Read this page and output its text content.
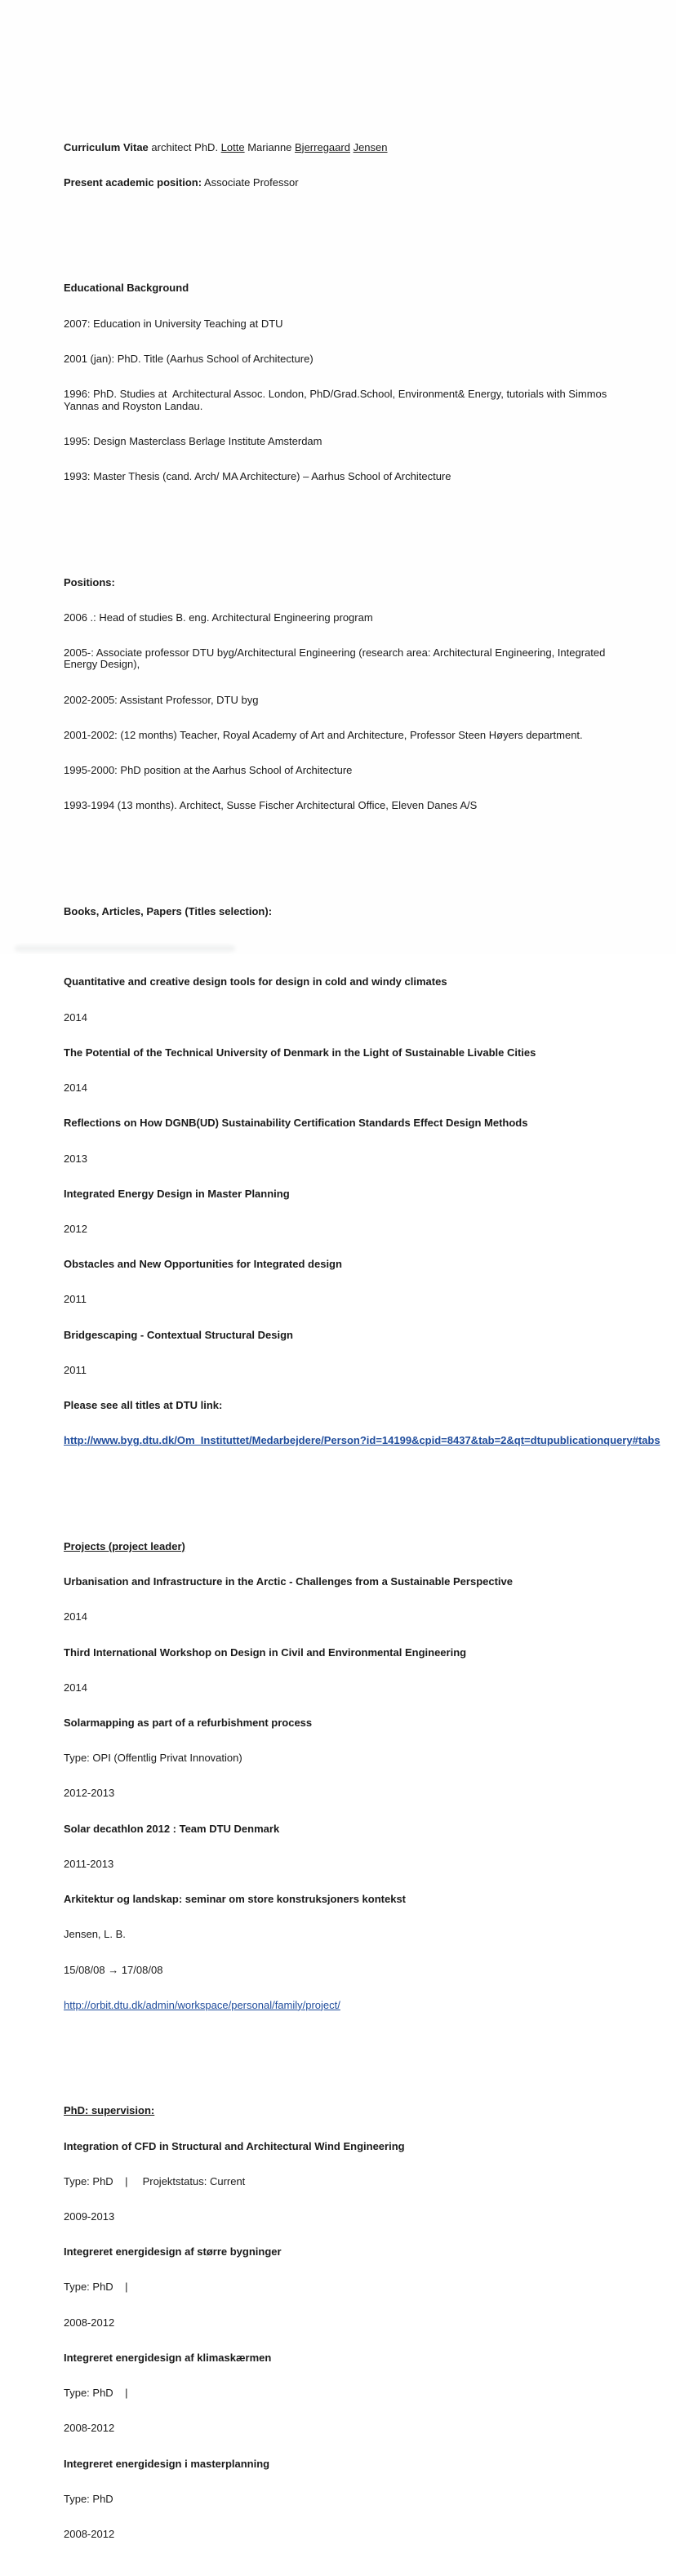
Curriculum Vitae architect PhD. Lotte Marianne Bjerregaard Jensen

Present academic position: Associate Professor

Educational Background

2007: Education in University Teaching at DTU

2001 (jan): PhD. Title (Aarhus School of Architecture)

1996: PhD. Studies at  Architectural Assoc. London, PhD/Grad.School, Environment& Energy, tutorials with Simmos Yannas and Royston Landau.

1995: Design Masterclass Berlage Institute Amsterdam

1993: Master Thesis (cand. Arch/ MA Architecture) – Aarhus School of Architecture

Positions:

2006 .: Head of studies B. eng. Architectural Engineering program

2005-: Associate professor DTU byg/Architectural Engineering (research area: Architectural Engineering, Integrated Energy Design),

2002-2005: Assistant Professor, DTU byg

2001-2002: (12 months) Teacher, Royal Academy of Art and Architecture, Professor Steen Høyers department.

1995-2000: PhD position at the Aarhus School of Architecture

1993-1994 (13 months). Architect, Susse Fischer Architectural Office, Eleven Danes A/S

Books, Articles, Papers (Titles selection):

Quantitative and creative design tools for design in cold and windy climates

2014

The Potential of the Technical University of Denmark in the Light of Sustainable Livable Cities

2014

Reflections on How DGNB(UD) Sustainability Certification Standards Effect Design Methods

2013

Integrated Energy Design in Master Planning

2012

Obstacles and New Opportunities for Integrated design

2011

Bridgescaping - Contextual Structural Design

2011

Please see all titles at DTU link:

http://www.byg.dtu.dk/Om_Instituttet/Medarbejdere/Person?id=14199&cpid=8437&tab=2&qt=dtupublicationquery#tabs

Projects (project leader)

Urbanisation and Infrastructure in the Arctic - Challenges from a Sustainable Perspective

2014

Third International Workshop on Design in Civil and Environmental Engineering

2014

Solarmapping as part of a refurbishment process

Type: OPI (Offentlig Privat Innovation)

2012-2013

Solar decathlon 2012 : Team DTU Denmark

2011-2013

Arkitektur og landskap: seminar om store konstruksjoners kontekst

Jensen, L. B.

15/08/08 → 17/08/08

http://orbit.dtu.dk/admin/workspace/personal/family/project/

PhD: supervision:

Integration of CFD in Structural and Architectural Wind Engineering

Type: PhD    |     Projektstatus: Current

2009-2013

Integreret energidesign af større bygninger

Type: PhD    |

2008-2012

Integreret energidesign af klimaskærmen

Type: PhD    |

2008-2012

Integreret energidesign i masterplanning

Type: PhD

2008-2012
